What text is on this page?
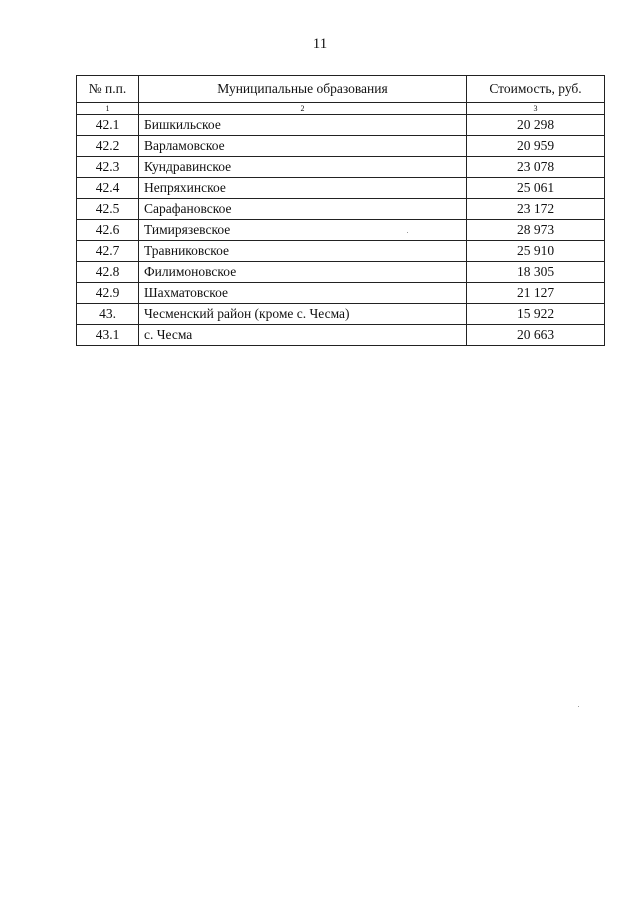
11
№ п.п.	Муниципальные образования	Стоимость, руб.
1	2	3
42.1	Бишкильское	20 298
42.2	Варламовское	20 959
42.3	Кундравинское	23 078
42.4	Непряхинское	25 061
42.5	Сарафановское	23 172
42.6	Тимирязевское	28 973
42.7	Травниковское	25 910
42.8	Филимоновское	18 305
42.9	Шахматовское	21 127
43.	Чесменский район (кроме с. Чесма)	15 922
43.1	с. Чесма	20 663
